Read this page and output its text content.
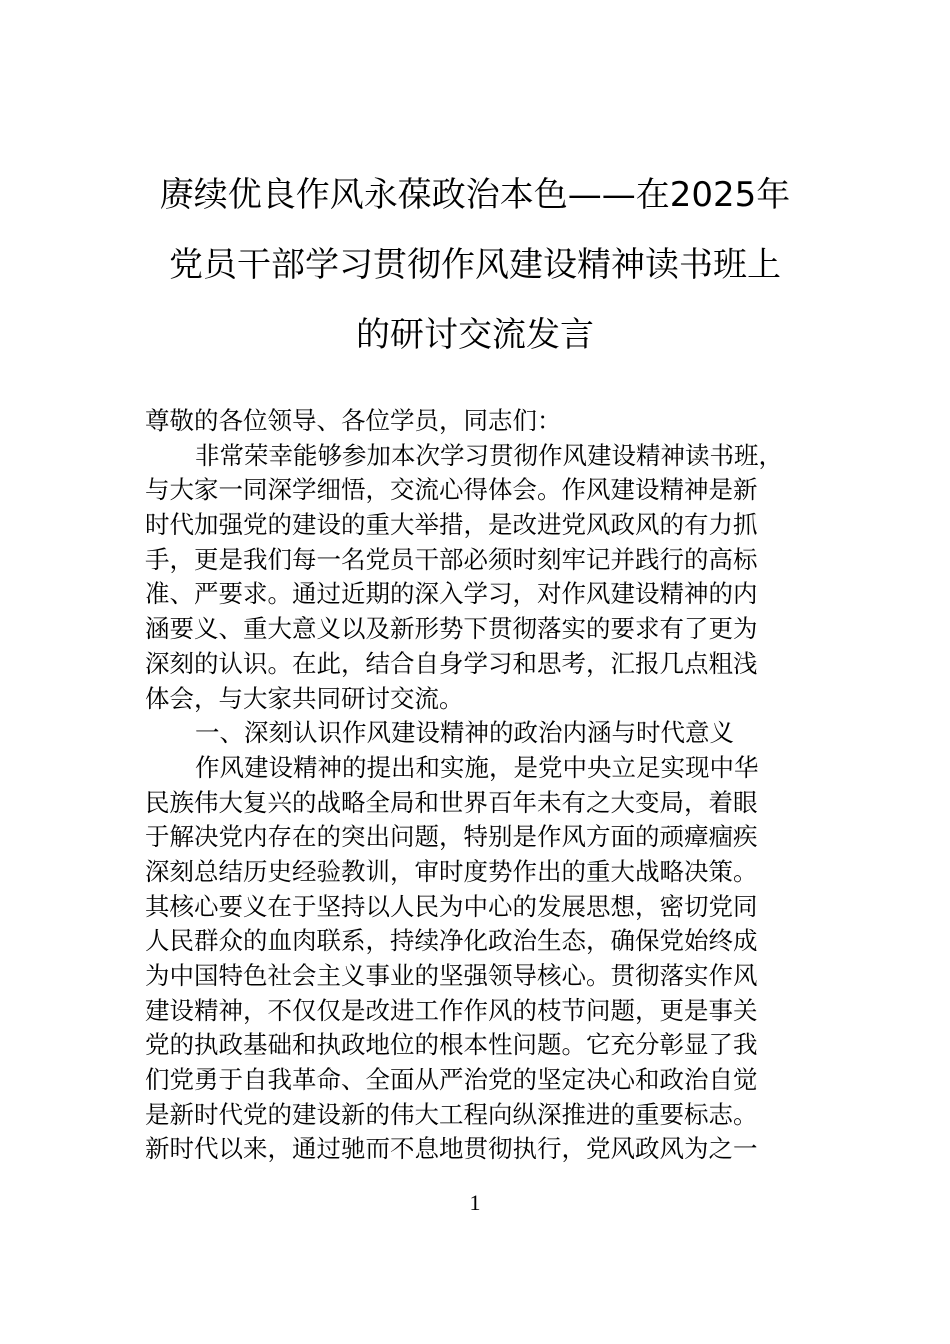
赓续优良作风永葆政治本色——在2025年
党员干部学习贯彻作风建设精神读书班上
的研讨交流发言
尊敬的各位领导、各位学员，同志们：
非常荣幸能够参加本次学习贯彻作风建设精神读书班，
与大家一同深学细悟，交流心得体会。作风建设精神是新
时代加强党的建设的重大举措，是改进党风政风的有力抓
手，更是我们每一名党员干部必须时刻牢记并践行的高标
准、严要求。通过近期的深入学习，对作风建设精神的内
涵要义、重大意义以及新形势下贯彻落实的要求有了更为
深刻的认识。在此，结合自身学习和思考，汇报几点粗浅
体会，与大家共同研讨交流。
一、深刻认识作风建设精神的政治内涵与时代意义
作风建设精神的提出和实施，是党中央立足实现中华
民族伟大复兴的战略全局和世界百年未有之大变局，着眼
于解决党内存在的突出问题，特别是作风方面的顽瘴痼疾
深刻总结历史经验教训，审时度势作出的重大战略决策。
其核心要义在于坚持以人民为中心的发展思想，密切党同
人民群众的血肉联系，持续净化政治生态，确保党始终成
为中国特色社会主义事业的坚强领导核心。贯彻落实作风
建设精神，不仅仅是改进工作作风的枝节问题，更是事关
党的执政基础和执政地位的根本性问题。它充分彰显了我
们党勇于自我革命、全面从严治党的坚定决心和政治自觉
是新时代党的建设新的伟大工程向纵深推进的重要标志。
新时代以来，通过驰而不息地贯彻执行，党风政风为之一
1
